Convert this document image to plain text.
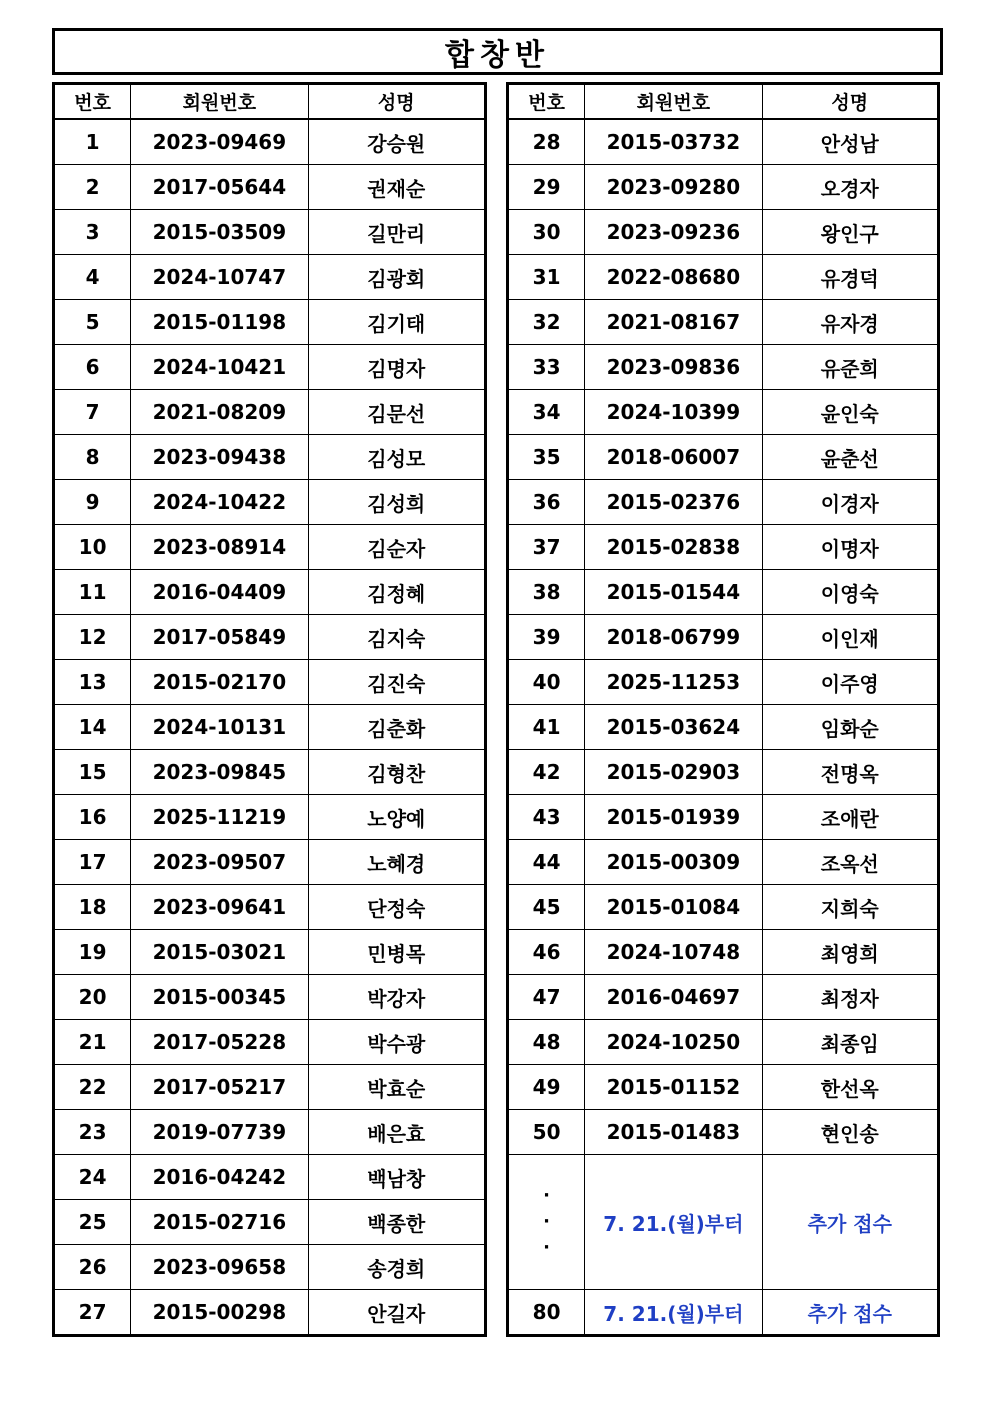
합창반
번호	회원번호	성명
1	2023-09469	강승원
2	2017-05644	권재순
3	2015-03509	길만리
4	2024-10747	김광회
5	2015-01198	김기태
6	2024-10421	김명자
7	2021-08209	김문선
8	2023-09438	김성모
9	2024-10422	김성희
10	2023-08914	김순자
11	2016-04409	김정혜
12	2017-05849	김지숙
13	2015-02170	김진숙
14	2024-10131	김춘화
15	2023-09845	김형찬
16	2025-11219	노양예
17	2023-09507	노혜경
18	2023-09641	단정숙
19	2015-03021	민병목
20	2015-00345	박강자
21	2017-05228	박수광
22	2017-05217	박효순
23	2019-07739	배은효
24	2016-04242	백남창
25	2015-02716	백종한
26	2023-09658	송경희
27	2015-00298	안길자
번호	회원번호	성명
28	2015-03732	안성남
29	2023-09280	오경자
30	2023-09236	왕인구
31	2022-08680	유경덕
32	2021-08167	유자경
33	2023-09836	유준희
34	2024-10399	윤인숙
35	2018-06007	윤춘선
36	2015-02376	이경자
37	2015-02838	이명자
38	2015-01544	이영숙
39	2018-06799	이인재
40	2025-11253	이주영
41	2015-03624	임화순
42	2015-02903	전명옥
43	2015-01939	조애란
44	2015-00309	조옥선
45	2015-01084	지희숙
46	2024-10748	최영희
47	2016-04697	최정자
48	2024-10250	최종임
49	2015-01152	한선옥
50	2015-01483	현인송

·
·
·	7. 21.(월)부터	추가 접수
80	7. 21.(월)부터	추가 접수
